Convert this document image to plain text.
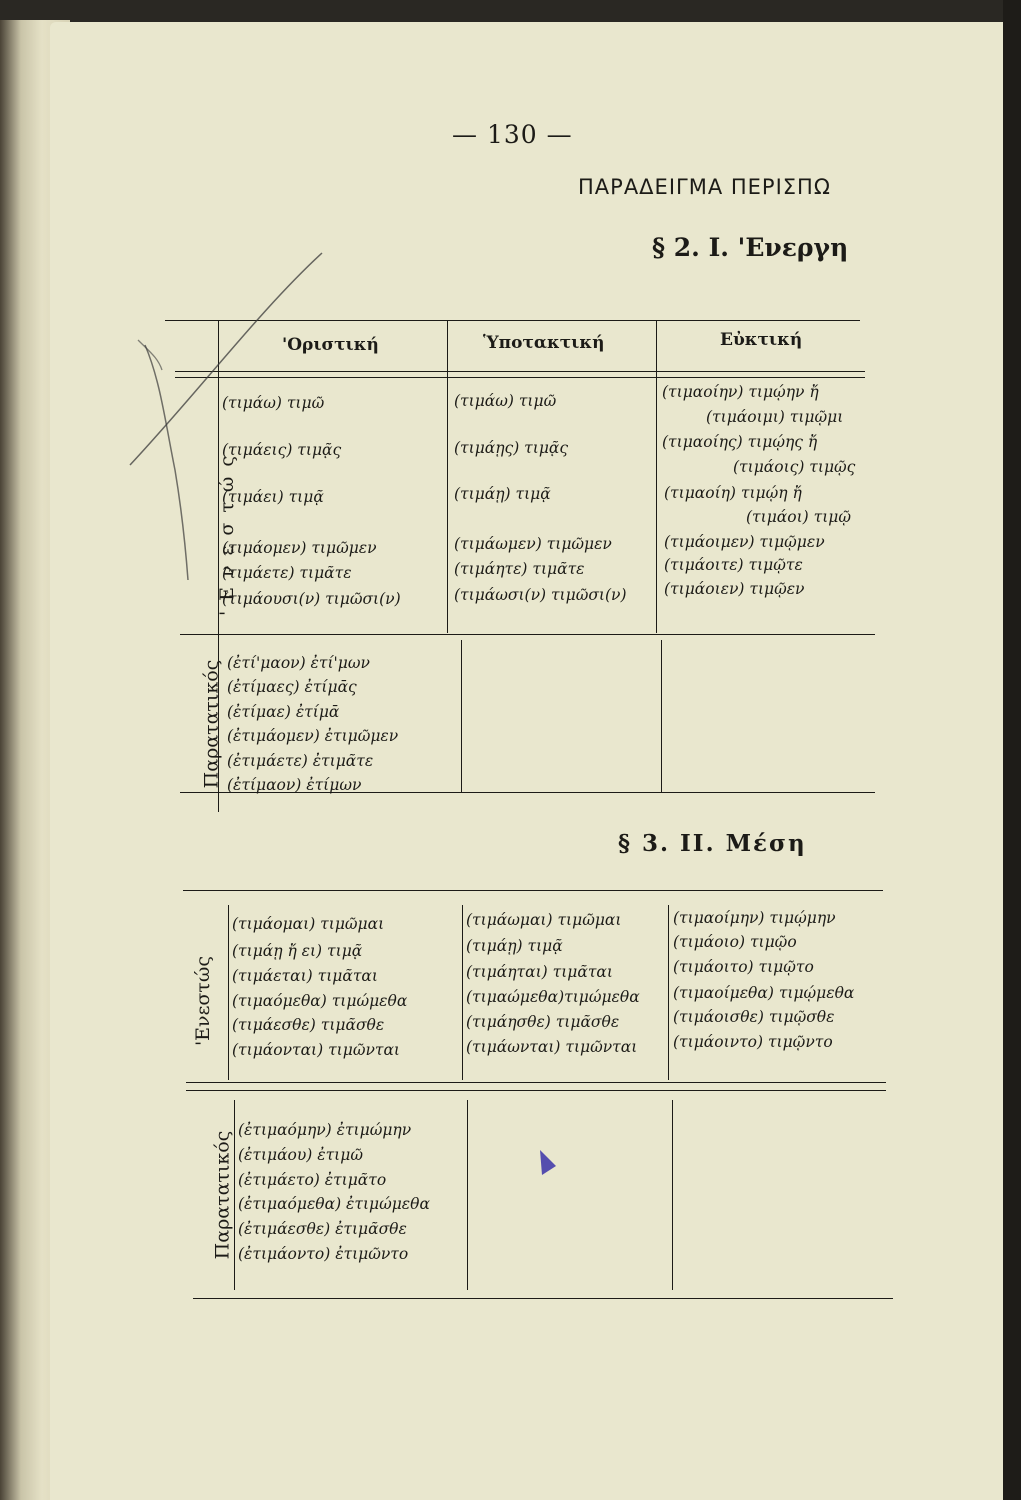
— 130 —
ΠΑΡΑΔΕΙΓΜΑ ΠΕΡΙΣΠΩ
§ 2. I. 'Ενεργη
'Οριστική	Ὑποτακτική	Εὐκτική
'Ενεστώς
Παρατατικός
(τιμάω) τιμῶ
(τιμάεις) τιμᾷς
(τιμάει) τιμᾷ
(τιμάομεν) τιμῶμεν
(τιμάετε) τιμᾶτε
(τιμάουσι(ν) τιμῶσι(ν)
(τιμάω) τιμῶ
(τιμάῃς) τιμᾷς
(τιμάῃ) τιμᾷ
(τιμάωμεν) τιμῶμεν
(τιμάητε) τιμᾶτε
(τιμάωσι(ν) τιμῶσι(ν)
(τιμαοίην) τιμῴην ἤ
(τιμάοιμι) τιμῷμι
(τιμαοίης) τιμῴης ἤ
(τιμάοις) τιμῷς
(τιμαοίη) τιμῴη ἤ
(τιμάοι) τιμῷ
(τιμάοιμεν) τιμῷμεν
(τιμάοιτε) τιμῷτε
(τιμάοιεν) τιμῷεν
(ἐτί'μαον) ἐτί'μων
(ἐτίμαες) ἐτίμᾱς
(ἐτίμαε) ἐτίμᾱ
(ἐτιμάομεν) ἐτιμῶμεν
(ἐτιμάετε) ἐτιμᾶτε
(ἐτίμαον) ἐτίμων
§ 3. II. Μέση
'Ενεστώς
Παρατατικός
(τιμάομαι) τιμῶμαι
(τιμάῃ ἤ ει) τιμᾷ
(τιμάεται) τιμᾶται
(τιμαόμεθα) τιμώμεθα
(τιμάεσθε) τιμᾶσθε
(τιμάονται) τιμῶνται
(τιμάωμαι) τιμῶμαι
(τιμάῃ) τιμᾷ
(τιμάηται) τιμᾶται
(τιμαώμεθα)τιμώμεθα
(τιμάησθε) τιμᾶσθε
(τιμάωνται) τιμῶνται
(τιμαοίμην) τιμῴμην
(τιμάοιο) τιμῷο
(τιμάοιτο) τιμῷτο
(τιμαοίμεθα) τιμῴμεθα
(τιμάοισθε) τιμῷσθε
(τιμάοιντο) τιμῷντο
(ἐτιμαόμην) ἐτιμώμην
(ἐτιμάου) ἐτιμῶ
(ἐτιμάετο) ἐτιμᾶτο
(ἐτιμαόμεθα) ἐτιμώμεθα
(ἐτιμάεσθε) ἐτιμᾶσθε
(ἐτιμάοντο) ἐτιμῶντο
